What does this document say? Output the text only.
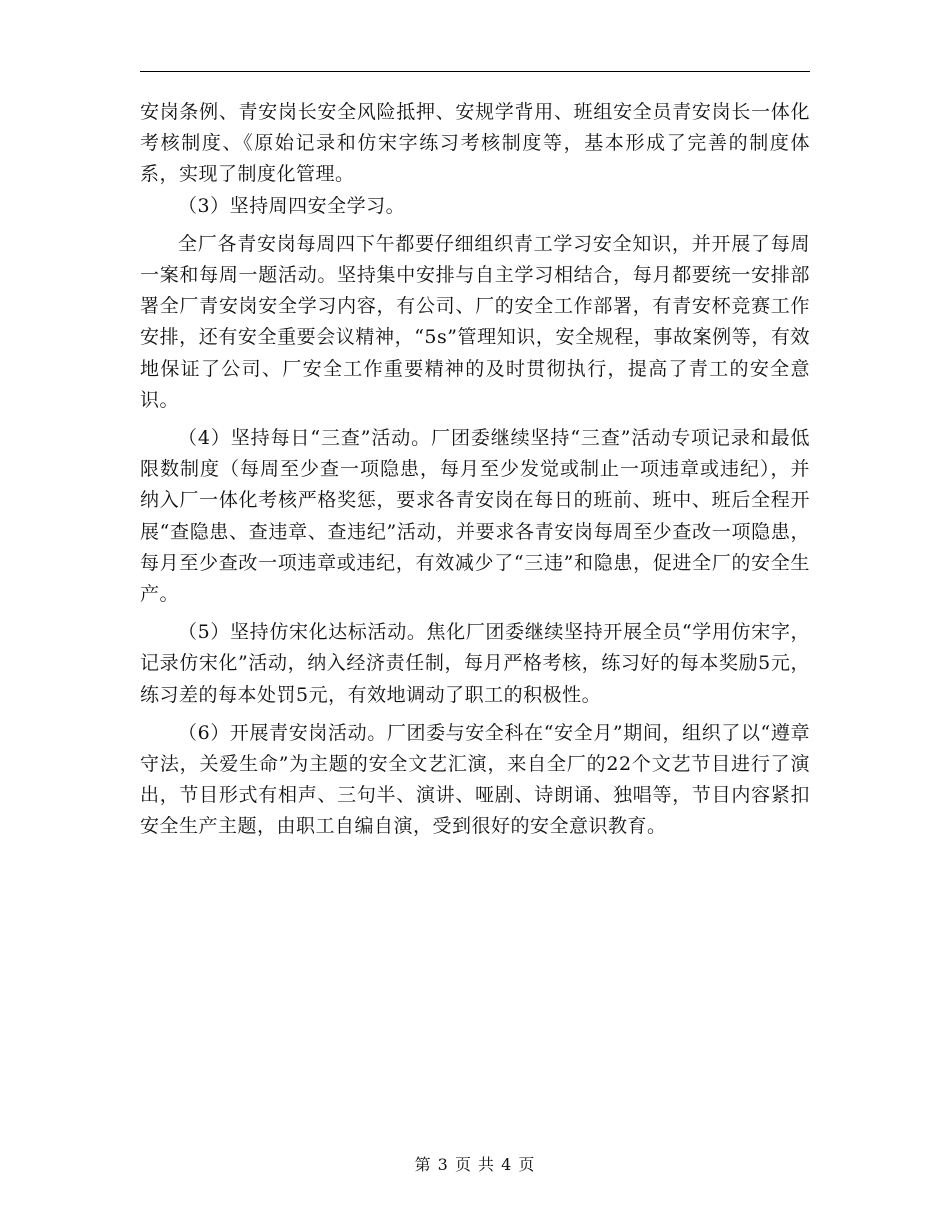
安岗条例、青安岗长安全风险抵押、安规学背用、班组安全员青安岗长一体化考核制度、《原始记录和仿宋字练习考核制度等，基本形成了完善的制度体系，实现了制度化管理。

（3）坚持周四安全学习。

全厂各青安岗每周四下午都要仔细组织青工学习安全知识，并开展了每周一案和每周一题活动。坚持集中安排与自主学习相结合，每月都要统一安排部署全厂青安岗安全学习内容，有公司、厂的安全工作部署，有青安杯竞赛工作安排，还有安全重要会议精神，“5s”管理知识，安全规程，事故案例等，有效地保证了公司、厂安全工作重要精神的及时贯彻执行，提高了青工的安全意识。

（4）坚持每日“三查”活动。厂团委继续坚持“三查”活动专项记录和最低限数制度（每周至少查一项隐患，每月至少发觉或制止一项违章或违纪），并纳入厂一体化考核严格奖惩，要求各青安岗在每日的班前、班中、班后全程开展“查隐患、查违章、查违纪”活动，并要求各青安岗每周至少查改一项隐患，每月至少查改一项违章或违纪，有效减少了“三违”和隐患，促进全厂的安全生产。

（5）坚持仿宋化达标活动。焦化厂团委继续坚持开展全员“学用仿宋字，记录仿宋化”活动，纳入经济责任制，每月严格考核，练习好的每本奖励5元，练习差的每本处罚5元，有效地调动了职工的积极性。

（6）开展青安岗活动。厂团委与安全科在“安全月”期间，组织了以“遵章守法，关爱生命”为主题的安全文艺汇演，来自全厂的22个文艺节目进行了演出，节目形式有相声、三句半、演讲、哑剧、诗朗诵、独唱等，节目内容紧扣安全生产主题，由职工自编自演，受到很好的安全意识教育。

第 3 页 共 4 页
